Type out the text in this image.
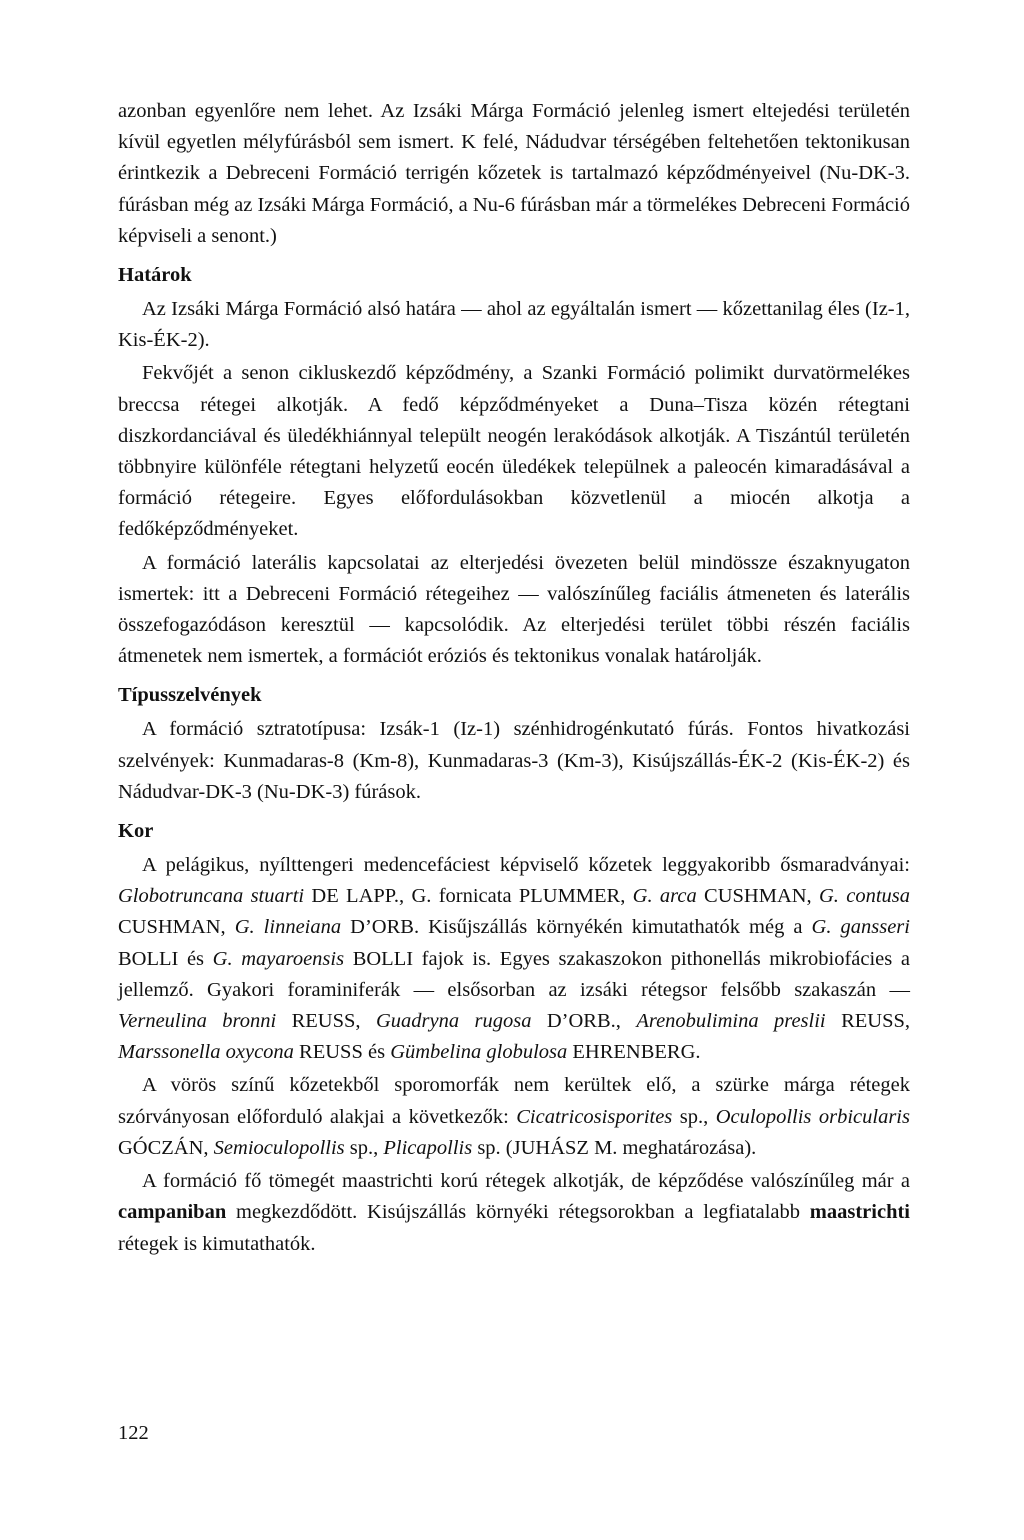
azonban egyenlőre nem lehet. Az Izsáki Márga Formáció jelenleg ismert eltejedési területén kívül egyetlen mélyfúrásból sem ismert. K felé, Nádudvar térségében feltehetően tektonikusan érintkezik a Debreceni Formáció terrigén kőzetek is tartalmazó képződményeivel (Nu-DK-3. fúrásban még az Izsáki Márga Formáció, a Nu-6 fúrásban már a törmelékes Debreceni Formáció képviseli a senont.)

Határok

Az Izsáki Márga Formáció alsó határa — ahol az egyáltalán ismert — kőzettanilag éles (Iz-1, Kis-ÉK-2).

Fekvőjét a senon cikluskezdő képződmény, a Szanki Formáció polimikt durvatörmelékes breccsa rétegei alkotják. A fedő képződményeket a Duna–Tisza közén rétegtani diszkordanciával és üledékhiánnyal települt neogén lerakódások alkotják. A Tiszántúl területén többnyire különféle rétegtani helyzetű eocén üledékek települnek a paleocén kimaradásával a formáció rétegeire. Egyes előfordulásokban közvetlenül a miocén alkotja a fedőképződményeket.

A formáció laterális kapcsolatai az elterjedési övezeten belül mindössze északnyugaton ismertek: itt a Debreceni Formáció rétegeihez — valószínűleg faciális átmeneten és laterális összefogazódáson keresztül — kapcsolódik. Az elterjedési terület többi részén faciális átmenetek nem ismertek, a formációt eróziós és tektonikus vonalak határolják.

Típusszelvények

A formáció sztratotípusa: Izsák-1 (Iz-1) szénhidrogénkutató fúrás. Fontos hivatkozási szelvények: Kunmadaras-8 (Km-8), Kunmadaras-3 (Km-3), Kisújszállás-ÉK-2 (Kis-ÉK-2) és Nádudvar-DK-3 (Nu-DK-3) fúrások.

Kor

A pelágikus, nyílttengeri medencefáciest képviselő kőzetek leggyakoribb ősmaradványai: Globotruncana stuarti DE LAPP., G. fornicata PLUMMER, G. arca CUSHMAN, G. contusa CUSHMAN, G. linneiana D’ORB. Kisűjszállás környékén kimutathatók még a G. gansseri BOLLI és G. mayaroensis BOLLI fajok is. Egyes szakaszokon pithonellás mikrobiofácies a jellemző. Gyakori foraminiferák — elsősorban az izsáki rétegsor felsőbb szakaszán — Verneulina bronni REUSS, Guadryna rugosa D’ORB., Arenobulimina preslii REUSS, Marssonella oxycona REUSS és Gümbelina globulosa EHRENBERG.

A vörös színű kőzetekből sporomorfák nem kerültek elő, a szürke márga rétegek szórványosan előforduló alakjai a következők: Cicatricosisporites sp., Oculopollis orbicularis GÓCZÁN, Semioculopollis sp., Plicapollis sp. (JUHÁSZ M. meghatározása).

A formáció fő tömegét maastrichti korú rétegek alkotják, de képződése valószínűleg már a campaniban megkezdődött. Kisújszállás környéki rétegsorokban a legfiatalabb maastrichti rétegek is kimutathatók.

122
